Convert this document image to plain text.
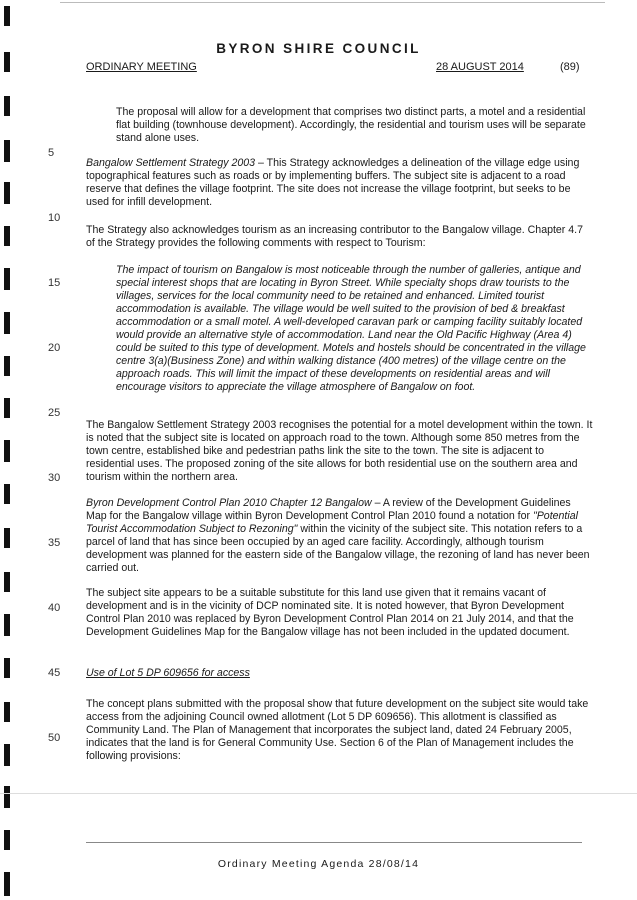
BYRON SHIRE COUNCIL
ORDINARY MEETING	28 AUGUST 2014	(89)
5
10
15
20
25
30
35
40
45
50
The proposal will allow for a development that comprises two distinct parts, a motel and a residential flat building (townhouse development). Accordingly, the residential and tourism uses will be separate stand alone uses.
Bangalow Settlement Strategy 2003 – This Strategy acknowledges a delineation of the village edge using topographical features such as roads or by implementing buffers. The subject site is adjacent to a road reserve that defines the village footprint. The site does not increase the village footprint, but seeks to be used for infill development.
The Strategy also acknowledges tourism as an increasing contributor to the Bangalow village. Chapter 4.7 of the Strategy provides the following comments with respect to Tourism:
The impact of tourism on Bangalow is most noticeable through the number of galleries, antique and special interest shops that are locating in Byron Street. While specialty shops draw tourists to the villages, services for the local community need to be retained and enhanced. Limited tourist accommodation is available. The village would be well suited to the provision of bed & breakfast accommodation or a small motel. A well-developed caravan park or camping facility suitably located would provide an alternative style of accommodation. Land near the Old Pacific Highway (Area 4) could be suited to this type of development. Motels and hostels should be concentrated in the village centre 3(a)(Business Zone) and within walking distance (400 metres) of the village centre on the approach roads. This will limit the impact of these developments on residential areas and will encourage visitors to appreciate the village atmosphere of Bangalow on foot.
The Bangalow Settlement Strategy 2003 recognises the potential for a motel development within the town. It is noted that the subject site is located on approach road to the town. Although some 850 metres from the town centre, established bike and pedestrian paths link the site to the town. The site is adjacent to residential uses. The proposed zoning of the site allows for both residential use on the southern area and tourism within the northern area.
Byron Development Control Plan 2010 Chapter 12 Bangalow – A review of the Development Guidelines Map for the Bangalow village within Byron Development Control Plan 2010 found a notation for "Potential Tourist Accommodation Subject to Rezoning" within the vicinity of the subject site. This notation refers to a parcel of land that has since been occupied by an aged care facility. Accordingly, although tourism development was planned for the eastern side of the Bangalow village, the rezoning of land has never been carried out.
The subject site appears to be a suitable substitute for this land use given that it remains vacant of development and is in the vicinity of DCP nominated site. It is noted however, that Byron Development Control Plan 2010 was replaced by Byron Development Control Plan 2014 on 21 July 2014, and that the Development Guidelines Map for the Bangalow village has not been included in the updated document.
Use of Lot 5 DP 609656 for access
The concept plans submitted with the proposal show that future development on the subject site would take access from the adjoining Council owned allotment (Lot 5 DP 609656). This allotment is classified as Community Land. The Plan of Management that incorporates the subject land, dated 24 February 2005, indicates that the land is for General Community Use. Section 6 of the Plan of Management includes the following provisions:
Ordinary Meeting Agenda 28/08/14
